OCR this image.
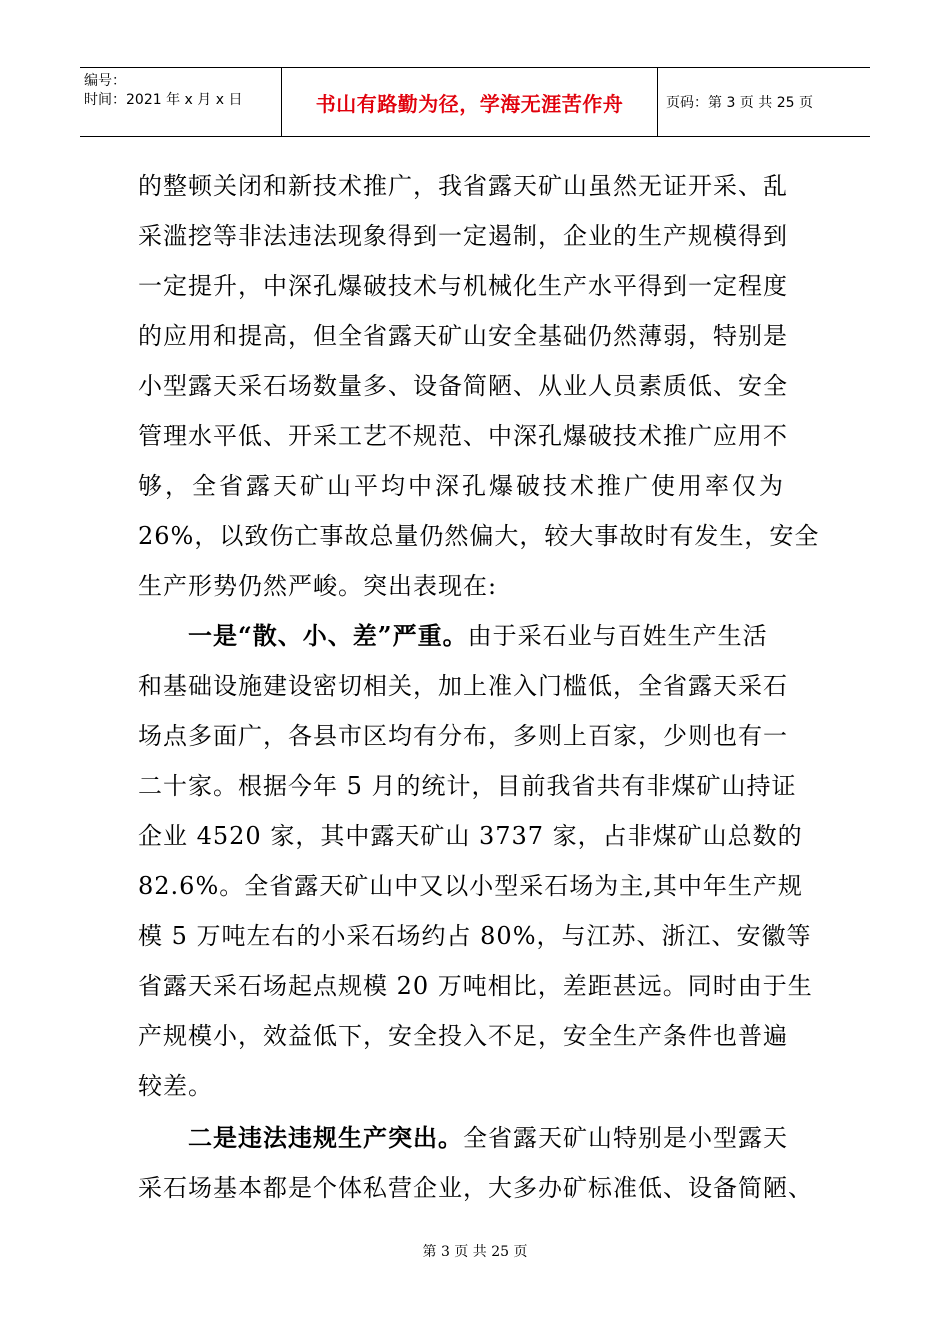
编号：
时间：2021 年 x 月 x 日	书山有路勤为径，学海无涯苦作舟	页码：第 3 页 共 25 页
的整顿关闭和新技术推广，我省露天矿山虽然无证开采、乱
采滥挖等非法违法现象得到一定遏制，企业的生产规模得到
一定提升，中深孔爆破技术与机械化生产水平得到一定程度
的应用和提高，但全省露天矿山安全基础仍然薄弱，特别是
小型露天采石场数量多、设备简陋、从业人员素质低、安全
管理水平低、开采工艺不规范、中深孔爆破技术推广应用不
够，全省露天矿山平均中深孔爆破技术推广使用率仅为
26%，以致伤亡事故总量仍然偏大，较大事故时有发生，安全
生产形势仍然严峻。突出表现在:
一是“散、小、差”严重。由于采石业与百姓生产生活
和基础设施建设密切相关，加上准入门槛低，全省露天采石
场点多面广，各县市区均有分布，多则上百家，少则也有一
二十家。根据今年 5 月的统计，目前我省共有非煤矿山持证
企业 4520 家，其中露天矿山 3737 家，占非煤矿山总数的
82.6%。全省露天矿山中又以小型采石场为主,其中年生产规
模 5 万吨左右的小采石场约占 80%，与江苏、浙江、安徽等
省露天采石场起点规模 20 万吨相比，差距甚远。同时由于生
产规模小，效益低下，安全投入不足，安全生产条件也普遍
较差。
二是违法违规生产突出。全省露天矿山特别是小型露天
采石场基本都是个体私营企业，大多办矿标准低、设备简陋、
第 3 页 共 25 页
